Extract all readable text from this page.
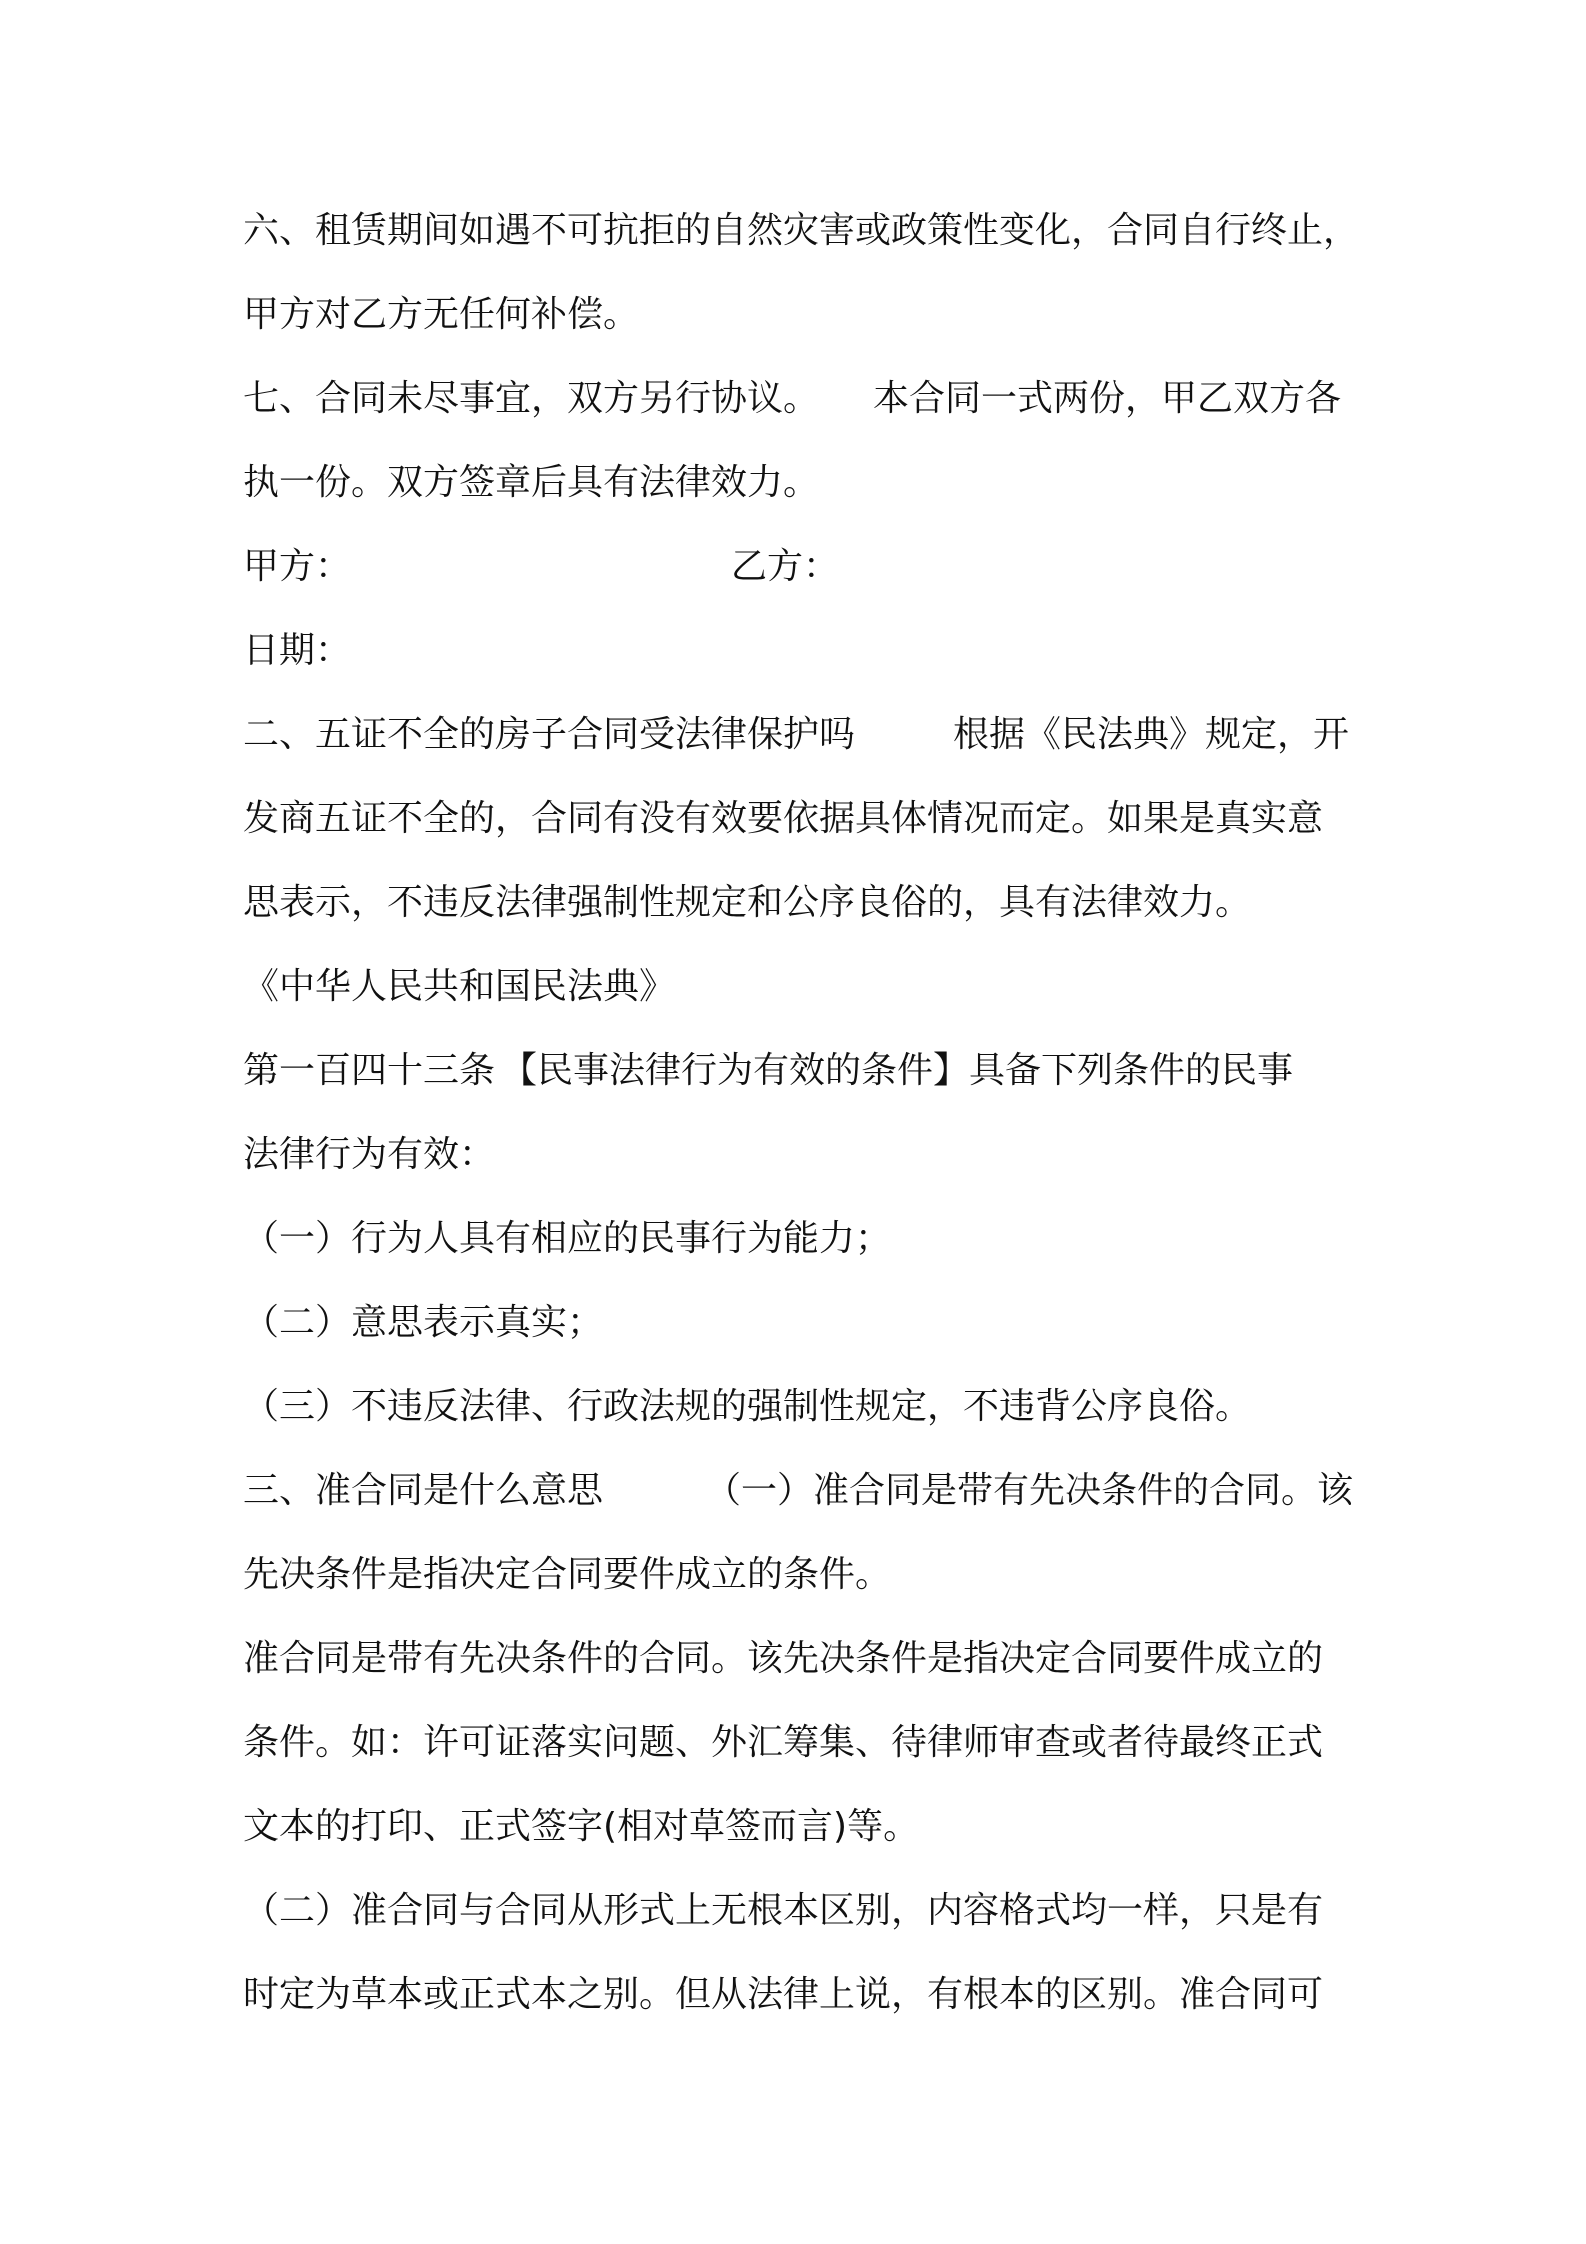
六、租赁期间如遇不可抗拒的自然灾害或政策性变化，合同自行终止，
甲方对乙方无任何补偿。
七、合同未尽事宜，双方另行协议。 本合同一式两份，甲乙双方各
执一份。双方签章后具有法律效力。
甲方：	乙方：
日期：
二、五证不全的房子合同受法律保护吗	根据《民法典》规定，开
发商五证不全的，合同有没有效要依据具体情况而定。如果是真实意
思表示，不违反法律强制性规定和公序良俗的，具有法律效力。
《中华人民共和国民法典》
第一百四十三条 【民事法律行为有效的条件】具备下列条件的民事
法律行为有效：
（一）行为人具有相应的民事行为能力；
（二）意思表示真实；
（三）不违反法律、行政法规的强制性规定，不违背公序良俗。
三、准合同是什么意思	（一）准合同是带有先决条件的合同。该
先决条件是指决定合同要件成立的条件。
准合同是带有先决条件的合同。该先决条件是指决定合同要件成立的
条件。如：许可证落实问题、外汇筹集、待律师审查或者待最终正式
文本的打印、正式签字(相对草签而言)等。
（二）准合同与合同从形式上无根本区别，内容格式均一样，只是有
时定为草本或正式本之别。但从法律上说，有根本的区别。准合同可
